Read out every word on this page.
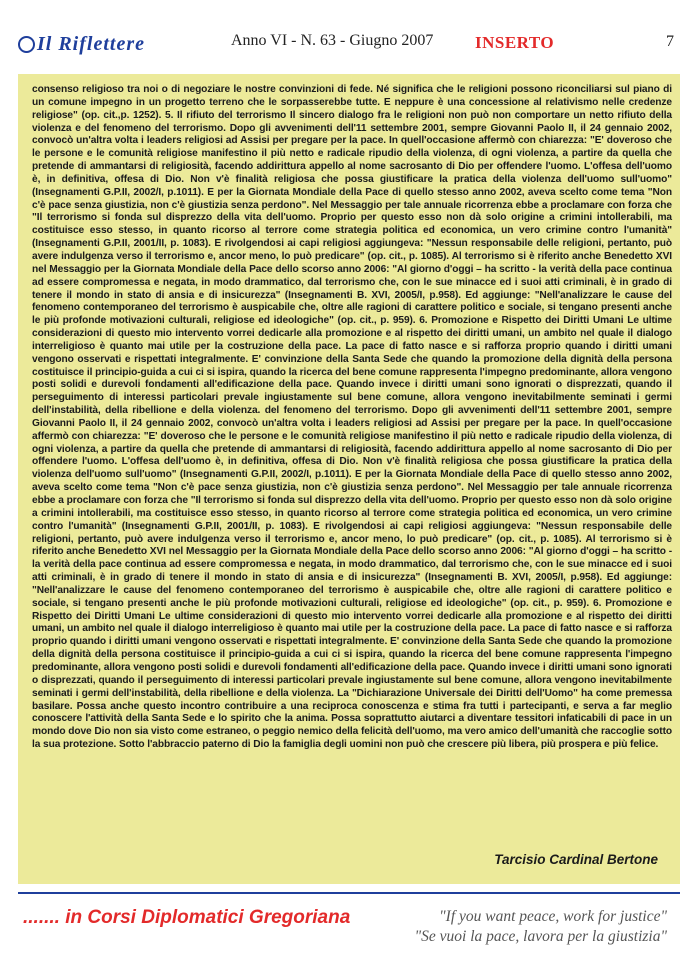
Il Riflettere	Anno VI - N. 63 - Giugno 2007 INSERTO	7

consenso religioso tra noi o di negoziare le nostre convinzioni di fede. Né significa che le religioni possono riconciliarsi sul piano di un comune impegno in un progetto terreno che le sorpasserebbe tutte. E neppure è una concessione al relativismo nelle credenze religiose" (op. cit.,p. 1252). 5. Il rifiuto del terrorismo Il sincero dialogo fra le religioni non può non comportare un netto rifiuto della violenza e del fenomeno del terrorismo. Dopo gli avvenimenti dell'11 settembre 2001, sempre Giovanni Paolo II, il 24 gennaio 2002, convocò un'altra volta i leaders religiosi ad Assisi per pregare per la pace. In quell'occasione affermò con chiarezza: "E' doveroso che le persone e le comunità religiose manifestino il più netto e radicale ripudio della violenza, di ogni violenza, a partire da quella che pretende di ammantarsi di religiosità, facendo addirittura appello al nome sacrosanto di Dio per offendere l'uomo. L'offesa dell'uomo è, in definitiva, offesa di Dio. Non v'è finalità religiosa che possa giustificare la pratica della violenza dell'uomo sull'uomo" (Insegnamenti G.P.II, 2002/I, p.1011). E per la Giornata Mondiale della Pace di quello stesso anno 2002, aveva scelto come tema "Non c'è pace senza giustizia, non c'è giustizia senza perdono". Nel Messaggio per tale annuale ricorrenza ebbe a proclamare con forza che "Il terrorismo si fonda sul disprezzo della vita dell'uomo. Proprio per questo esso non dà solo origine a crimini intollerabili, ma costituisce esso stesso, in quanto ricorso al terrore come strategia politica ed economica, un vero crimine contro l'umanità" (Insegnamenti G.P.II, 2001/II, p. 1083). E rivolgendosi ai capi religiosi aggiungeva: "Nessun responsabile delle religioni, pertanto, può avere indulgenza verso il terrorismo e, ancor meno, lo può predicare" (op. cit., p. 1085). Al terrorismo si è riferito anche Benedetto XVI nel Messaggio per la Giornata Mondiale della Pace dello scorso anno 2006: "Al giorno d'oggi – ha scritto - la verità della pace continua ad essere compromessa e negata, in modo drammatico, dal terrorismo che, con le sue minacce ed i suoi atti criminali, è in grado di tenere il mondo in stato di ansia e di insicurezza" (Insegnamenti B. XVI, 2005/I, p.958). Ed aggiunge: "Nell'analizzare le cause del fenomeno contemporaneo del terrorismo è auspicabile che, oltre alle ragioni di carattere politico e sociale, si tengano presenti anche le più profonde motivazioni culturali, religiose ed ideologiche" (op. cit., p. 959). 6. Promozione e Rispetto dei Diritti Umani Le ultime considerazioni di questo mio intervento vorrei dedicarle alla promozione e al rispetto dei diritti umani, un ambito nel quale il dialogo interreligioso è quanto mai utile per la costruzione della pace. La pace di fatto nasce e si rafforza proprio quando i diritti umani vengono osservati e rispettati integralmente. E' convinzione della Santa Sede che quando la promozione della dignità della persona costituisce il principio-guida a cui ci si ispira, quando la ricerca del bene comune rappresenta l'impegno predominante, allora vengono posti solidi e durevoli fondamenti all'edificazione della pace. Quando invece i diritti umani sono ignorati o disprezzati, quando il perseguimento di interessi particolari prevale ingiustamente sul bene comune, allora vengono inevitabilmente seminati i germi dell'instabilità, della ribellione e della violenza. del fenomeno del terrorismo. Dopo gli avvenimenti dell'11 settembre 2001, sempre Giovanni Paolo II, il 24 gennaio 2002, convocò un'altra volta i leaders religiosi ad Assisi per pregare per la pace. In quell'occasione affermò con chiarezza: "E' doveroso che le persone e le comunità religiose manifestino il più netto e radicale ripudio della violenza, di ogni violenza, a partire da quella che pretende di ammantarsi di religiosità, facendo addirittura appello al nome sacrosanto di Dio per offendere l'uomo. L'offesa dell'uomo è, in definitiva, offesa di Dio. Non v'è finalità religiosa che possa giustificare la pratica della violenza dell'uomo sull'uomo" (Insegnamenti G.P.II, 2002/I, p.1011). E per la Giornata Mondiale della Pace di quello stesso anno 2002, aveva scelto come tema "Non c'è pace senza giustizia, non c'è giustizia senza perdono". Nel Messaggio per tale annuale ricorrenza ebbe a proclamare con forza che "Il terrorismo si fonda sul disprezzo della vita dell'uomo. Proprio per questo esso non dà solo origine a crimini intollerabili, ma costituisce esso stesso, in quanto ricorso al terrore come strategia politica ed economica, un vero crimine contro l'umanità" (Insegnamenti G.P.II, 2001/II, p. 1083). E rivolgendosi ai capi religiosi aggiungeva: "Nessun responsabile delle religioni, pertanto, può avere indulgenza verso il terrorismo e, ancor meno, lo può predicare" (op. cit., p. 1085). Al terrorismo si è riferito anche Benedetto XVI nel Messaggio per la Giornata Mondiale della Pace dello scorso anno 2006: "Al giorno d'oggi – ha scritto - la verità della pace continua ad essere compromessa e negata, in modo drammatico, dal terrorismo che, con le sue minacce ed i suoi atti criminali, è in grado di tenere il mondo in stato di ansia e di insicurezza" (Insegnamenti B. XVI, 2005/I, p.958). Ed aggiunge: "Nell'analizzare le cause del fenomeno contemporaneo del terrorismo è auspicabile che, oltre alle ragioni di carattere politico e sociale, si tengano presenti anche le più profonde motivazioni culturali, religiose ed ideologiche" (op. cit., p. 959). 6. Promozione e Rispetto dei Diritti Umani Le ultime considerazioni di questo mio intervento vorrei dedicarle alla promozione e al rispetto dei diritti umani, un ambito nel quale il dialogo interreligioso è quanto mai utile per la costruzione della pace. La pace di fatto nasce e si rafforza proprio quando i diritti umani vengono osservati e rispettati integralmente. E' convinzione della Santa Sede che quando la promozione della dignità della persona costituisce il principio-guida a cui ci si ispira, quando la ricerca del bene comune rappresenta l'impegno predominante, allora vengono posti solidi e durevoli fondamenti all'edificazione della pace. Quando invece i diritti umani sono ignorati o disprezzati, quando il perseguimento di interessi particolari prevale ingiustamente sul bene comune, allora vengono inevitabilmente seminati i germi dell'instabilità, della ribellione e della violenza. La "Dichiarazione Universale dei Diritti dell'Uomo" ha come premessa basilare. Possa anche questo incontro contribuire a una reciproca conoscenza e stima fra tutti i partecipanti, e serva a far meglio conoscere l'attività della Santa Sede e lo spirito che la anima. Possa soprattutto aiutarci a diventare tessitori infaticabili di pace in un mondo dove Dio non sia visto come estraneo, o peggio nemico della felicità dell'uomo, ma vero amico dell'umanità che raccoglie sotto la sua protezione. Sotto l'abbraccio paterno di Dio la famiglia degli uomini non può che crescere più libera, più prospera e più felice.

Tarcisio Cardinal Bertone
....... in Corsi Diplomatici Gregoriana	"If you want peace, work for justice"
"Se vuoi la pace, lavora per la giustizia"
